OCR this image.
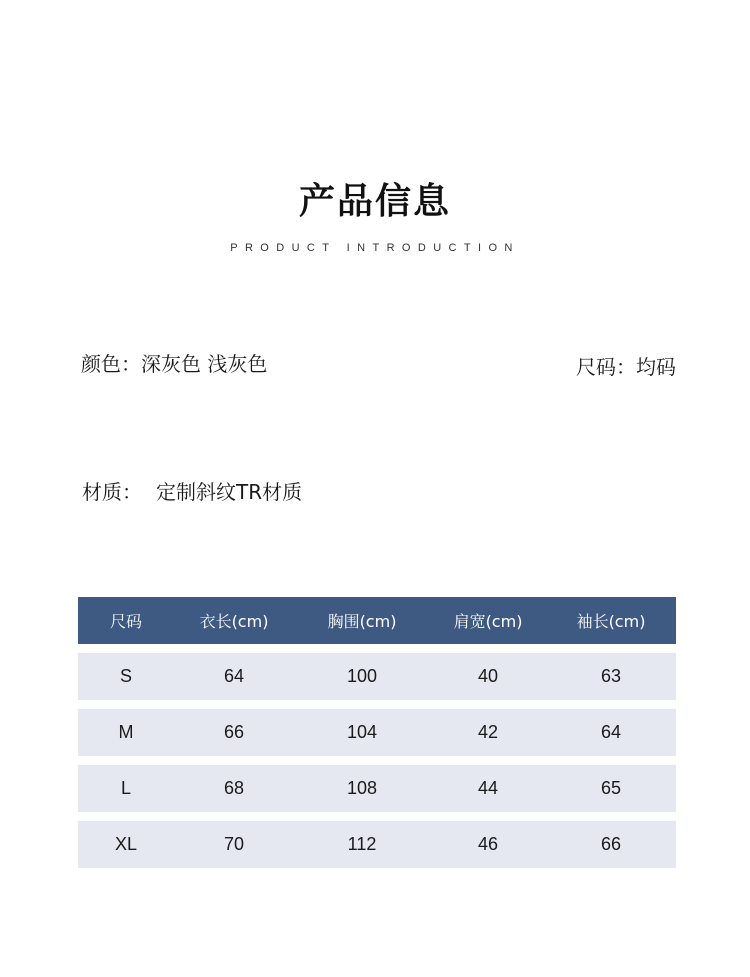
产品信息
PRODUCT INTRODUCTION
颜色：深灰色 浅灰色	尺码：均码
材质： 定制斜纹TR材质
尺码	衣长(cm)	胸围(cm)	肩宽(cm)	袖长(cm)
S	64	100	40	63
M	66	104	42	64
L	68	108	44	65
XL	70	112	46	66
